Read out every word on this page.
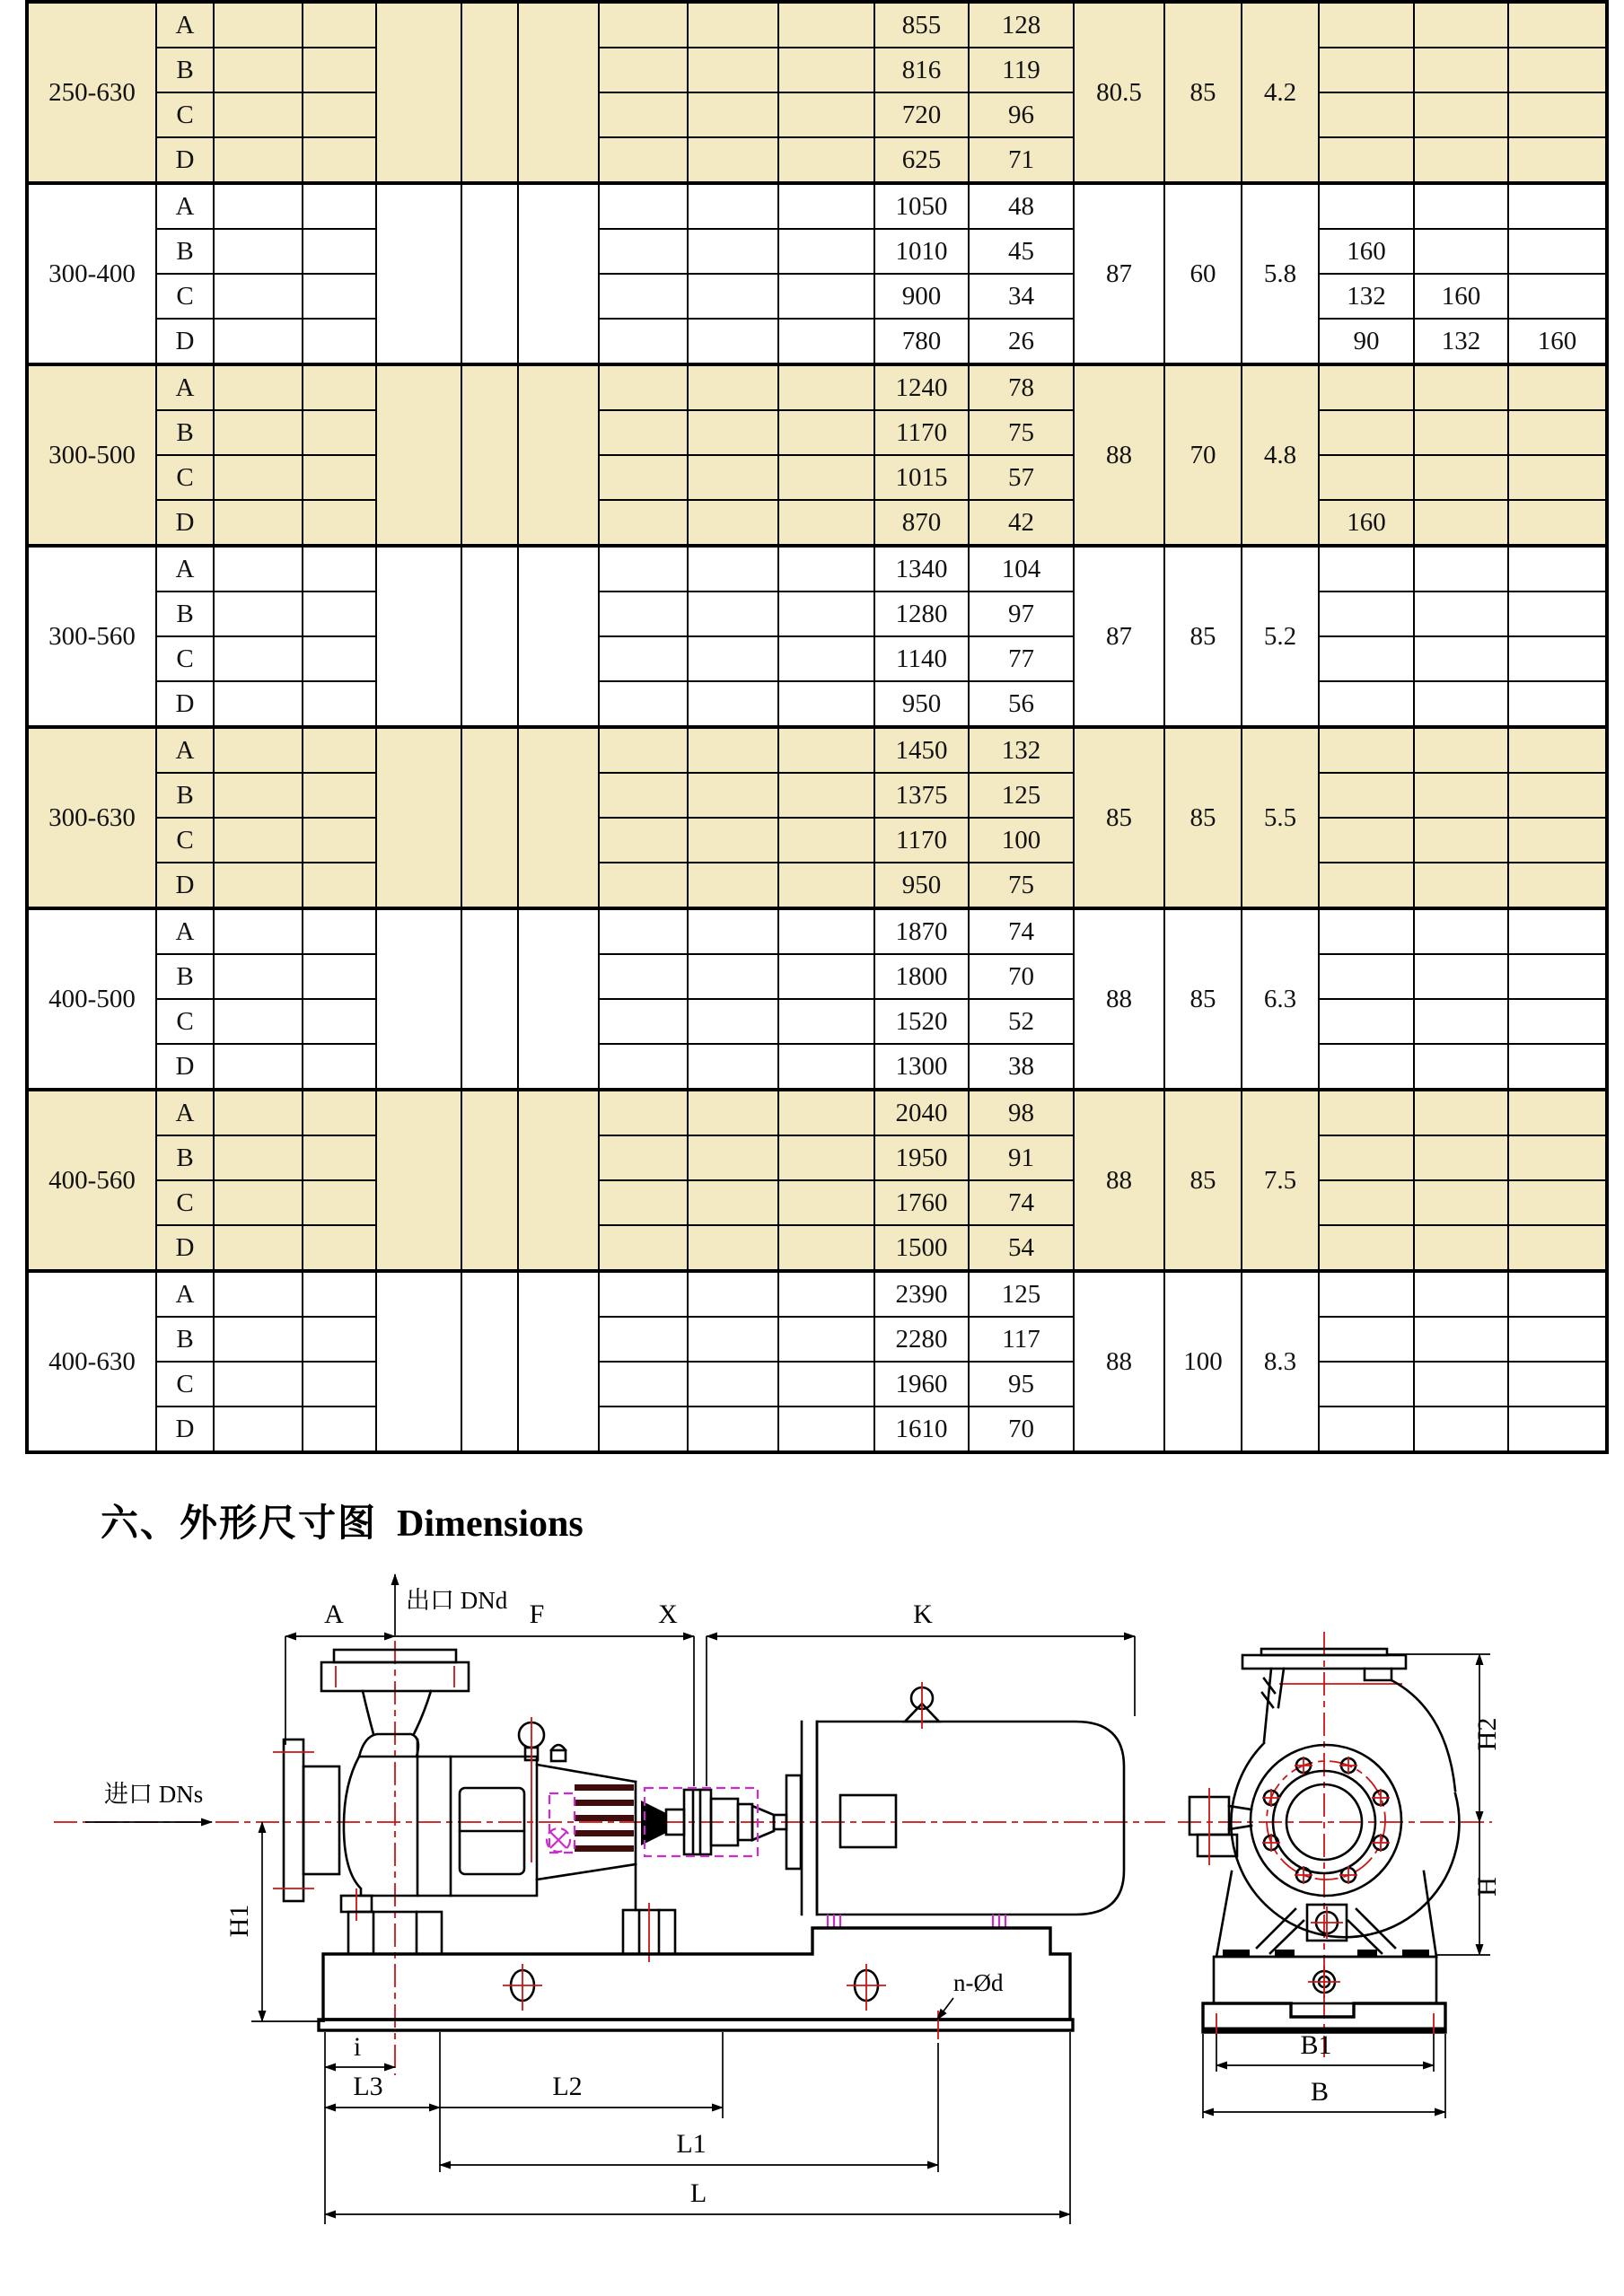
250-630	A									855	128	80.5	85	4.2			
	B									816	119						
	C									720	96						
	D									625	71						
300-400	A									1050	48	87	60	5.8			
	B									1010	45				160		
	C									900	34				132	160	
	D									780	26				90	132	160
300-500	A									1240	78	88	70	4.8			
	B									1170	75						
	C									1015	57						
	D									870	42				160		
300-560	A									1340	104	87	85	5.2			
	B									1280	97						
	C									1140	77						
	D									950	56						
300-630	A									1450	132	85	85	5.5			
	B									1375	125						
	C									1170	100						
	D									950	75						
400-500	A									1870	74	88	85	6.3			
	B									1800	70						
	C									1520	52						
	D									1300	38						
400-560	A									2040	98	88	85	7.5			
	B									1950	91						
	C									1760	74						
	D									1500	54						
400-630	A									2390	125	88	100	8.3			
	B									2280	117						
	C									1960	95						
	D									1610	70						
六、外形尺寸图 Dimensions
进口 DNs
出口 DNd
A	F	X	K
n-Ød
H1
i
L3	L2
L1
L
H2
H
B1
B
